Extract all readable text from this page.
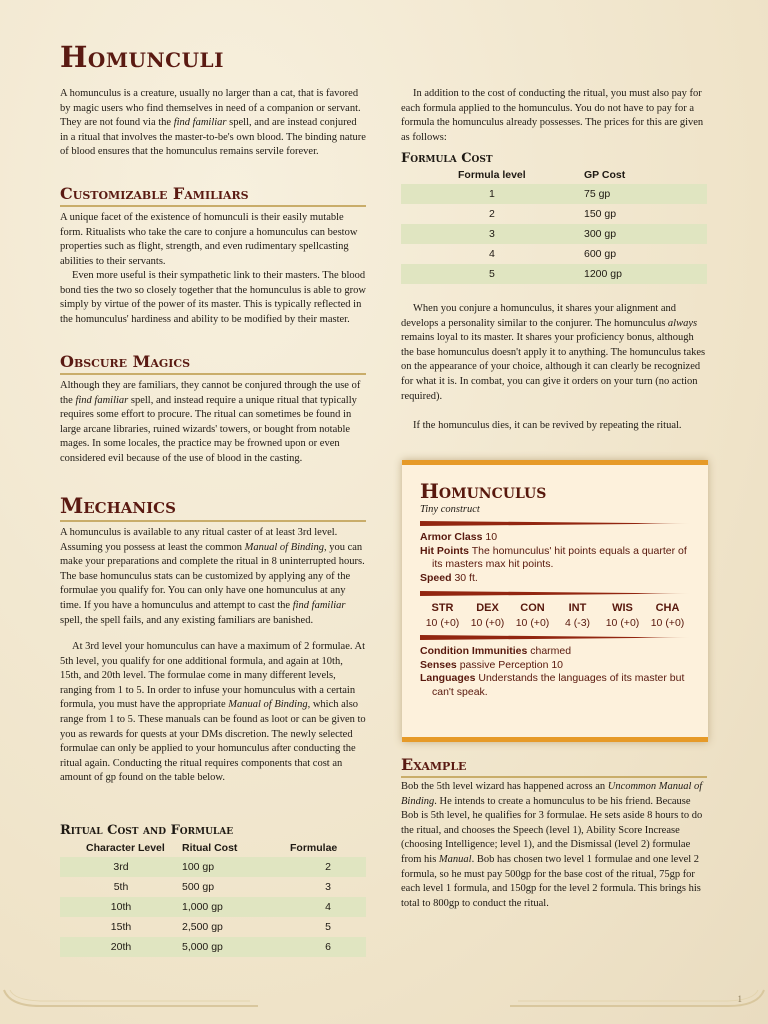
Homunculi

A homunculus is a creature, usually no larger than a cat, that is favored by magic users who find themselves in need of a companion or servant. They are not found via the find familiar spell, and are instead conjured in a ritual that involves the master-to-be's own blood. The binding nature of blood ensures that the homunculus remains servile forever.

Customizable Familiars

A unique facet of the existence of homunculi is their easily mutable form. Ritualists who take the care to conjure a homunculus can bestow properties such as flight, strength, and even rudimentary spellcasting abilities to their servants.

Even more useful is their sympathetic link to their masters. The blood bond ties the two so closely together that the homunculus is able to grow simply by virtue of the power of its master. This is typically reflected in the homunculus' hardiness and ability to be modified by their master.

Obscure Magics

Although they are familiars, they cannot be conjured through the use of the find familiar spell, and instead require a unique ritual that typically requires some effort to procure. The ritual can sometimes be found in large arcane libraries, ruined wizards' towers, or bought from notable mages. In some locales, the practice may be frowned upon or even considered evil because of the use of blood in the casting.

Mechanics

A homunculus is available to any ritual caster of at least 3rd level. Assuming you possess at least the common Manual of Binding, you can make your preparations and complete the ritual in 8 uninterrupted hours. The base homunculus stats can be customized by applying any of the formulae you qualify for. You can only have one homunculus at any time. If you have a homunculus and attempt to cast the find familiar spell, the spell fails, and any existing familiars are banished.

At 3rd level your homunculus can have a maximum of 2 formulae. At 5th level, you qualify for one additional formula, and again at 10th, 15th, and 20th level. The formulae come in many different levels, ranging from 1 to 5. In order to infuse your homunculus with a certain formula, you must have the appropriate Manual of Binding, which also range from 1 to 5. These manuals can be found as loot or can be given to you as rewards for quests at your DMs discretion. The newly selected formulae can only be applied to your homunculus after conducting the ritual again. Conducting the ritual requires components that cost an amount of gp found on the table below.

Ritual Cost and Formulae
Character Level	Ritual Cost	Formulae
3rd	100 gp	2
5th	500 gp	3
10th	1,000 gp	4
15th	2,500 gp	5
20th	5,000 gp	6

In addition to the cost of conducting the ritual, you must also pay for each formula applied to the homunculus. You do not have to pay for a formula the homunculus already possesses. The prices for this are given as follows:

Formula Cost
Formula level	GP Cost
1	75 gp
2	150 gp
3	300 gp
4	600 gp
5	1200 gp

When you conjure a homunculus, it shares your alignment and develops a personality similar to the conjurer. The homunculus always remains loyal to its master. It shares your proficiency bonus, although the base homunculus doesn't apply it to anything. The homunculus takes on the appearance of your choice, although it can clearly be recognized for what it is. In combat, you can give it orders on your turn (no action required).

If the homunculus dies, it can be revived by repeating the ritual.

Homunculus
Tiny construct
Armor Class 10
Hit Points The homunculus' hit points equals a quarter of its masters max hit points.
Speed 30 ft.
STR	DEX	CON	INT	WIS	CHA
10 (+0)	10 (+0)	10 (+0)	4 (-3)	10 (+0)	10 (+0)
Condition Immunities charmed
Senses passive Perception 10
Languages Understands the languages of its master but can't speak.
Example

Bob the 5th level wizard has happened across an Uncommon Manual of Binding. He intends to create a homunculus to be his friend. Because Bob is 5th level, he qualifies for 3 formulae. He sets aside 8 hours to do the ritual, and chooses the Speech (level 1), Ability Score Increase (choosing Intelligence; level 1), and the Dismissal (level 2) formulae from his Manual. Bob has chosen two level 1 formulae and one level 2 formula, so he must pay 500gp for the base cost of the ritual, 75gp for each level 1 formula, and 150gp for the level 2 formula. This brings his total to 800gp to conduct the ritual.

1
